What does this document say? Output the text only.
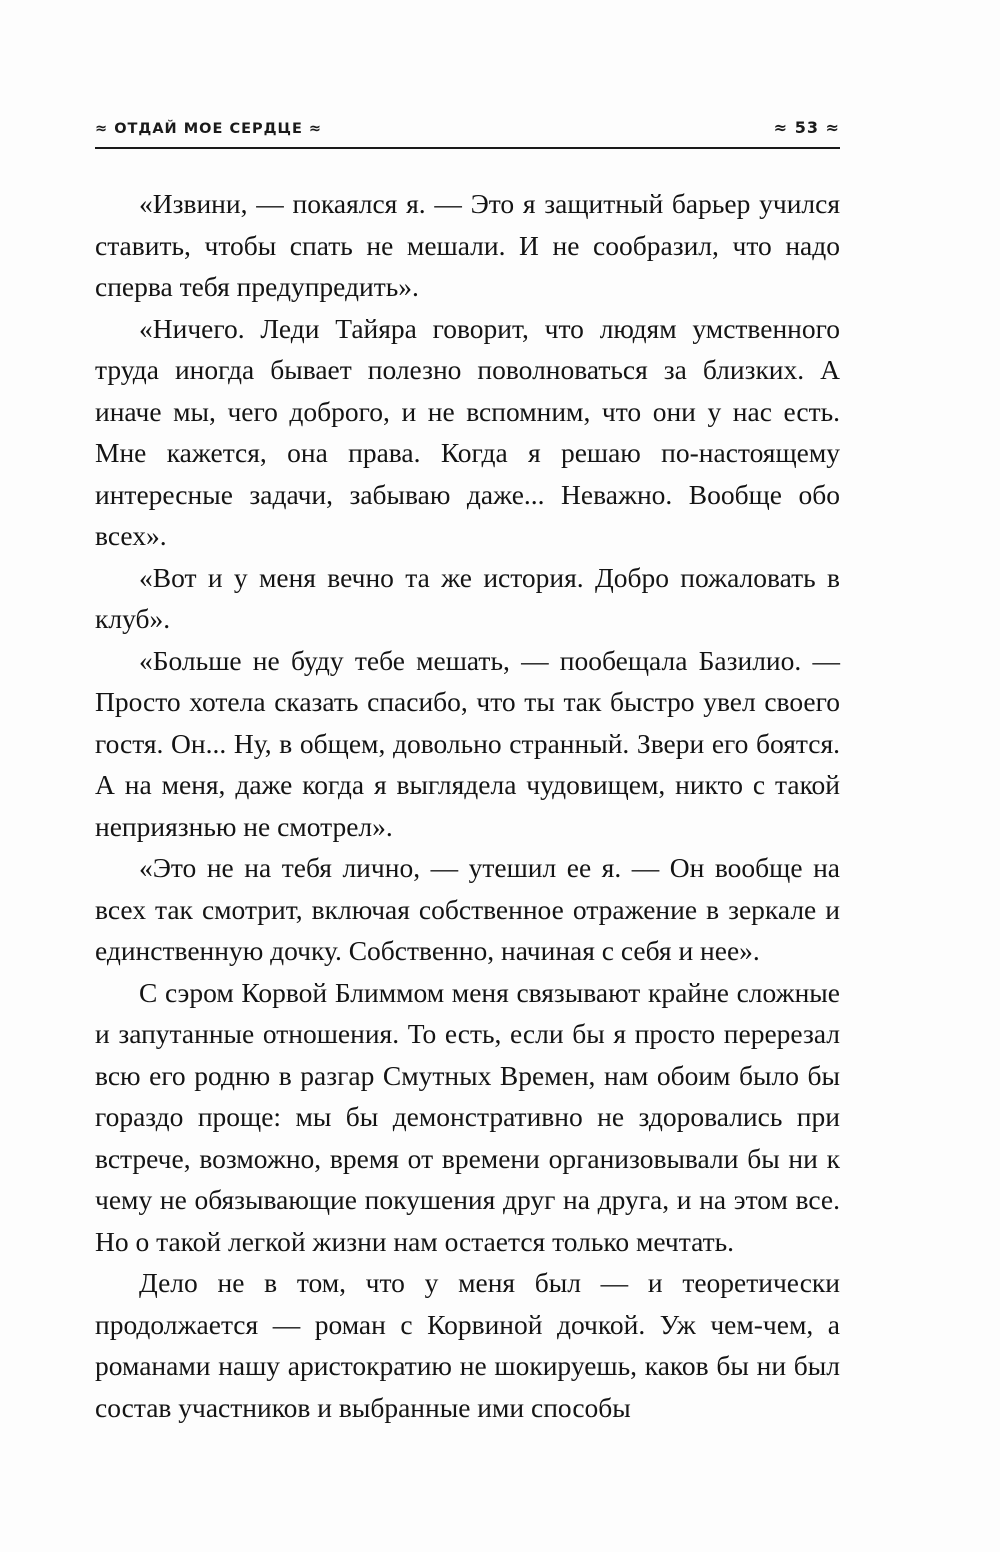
≈ ОТДАЙ МОЕ СЕРДЦЕ ≈	≈ 53 ≈

«Извини, — покаялся я. — Это я защитный барьер учился ставить, чтобы спать не мешали. И не сообразил, что надо сперва тебя предупредить».

«Ничего. Леди Тайяра говорит, что людям умственного труда иногда бывает полезно поволноваться за близких. А иначе мы, чего доброго, и не вспомним, что они у нас есть. Мне кажется, она права. Когда я решаю по-настоящему интересные задачи, забываю даже... Неважно. Вообще обо всех».

«Вот и у меня вечно та же история. Добро пожаловать в клуб».

«Больше не буду тебе мешать, — пообещала Базилио. — Просто хотела сказать спасибо, что ты так быстро увел своего гостя. Он... Ну, в общем, довольно странный. Звери его боятся. А на меня, даже когда я выглядела чудовищем, никто с такой неприязнью не смотрел».

«Это не на тебя лично, — утешил ее я. — Он вообще на всех так смотрит, включая собственное отражение в зеркале и единственную дочку. Собственно, начиная с себя и нее».

С сэром Корвой Блиммом меня связывают крайне сложные и запутанные отношения. То есть, если бы я просто перерезал всю его родню в разгар Смутных Времен, нам обоим было бы гораздо проще: мы бы демонстративно не здоровались при встрече, возможно, время от времени организовывали бы ни к чему не обязывающие покушения друг на друга, и на этом все. Но о такой легкой жизни нам остается только мечтать.

Дело не в том, что у меня был — и теоретически продолжается — роман с Корвиной дочкой. Уж чем-чем, а романами нашу аристократию не шокируешь, каков бы ни был состав участников и выбранные ими способы
